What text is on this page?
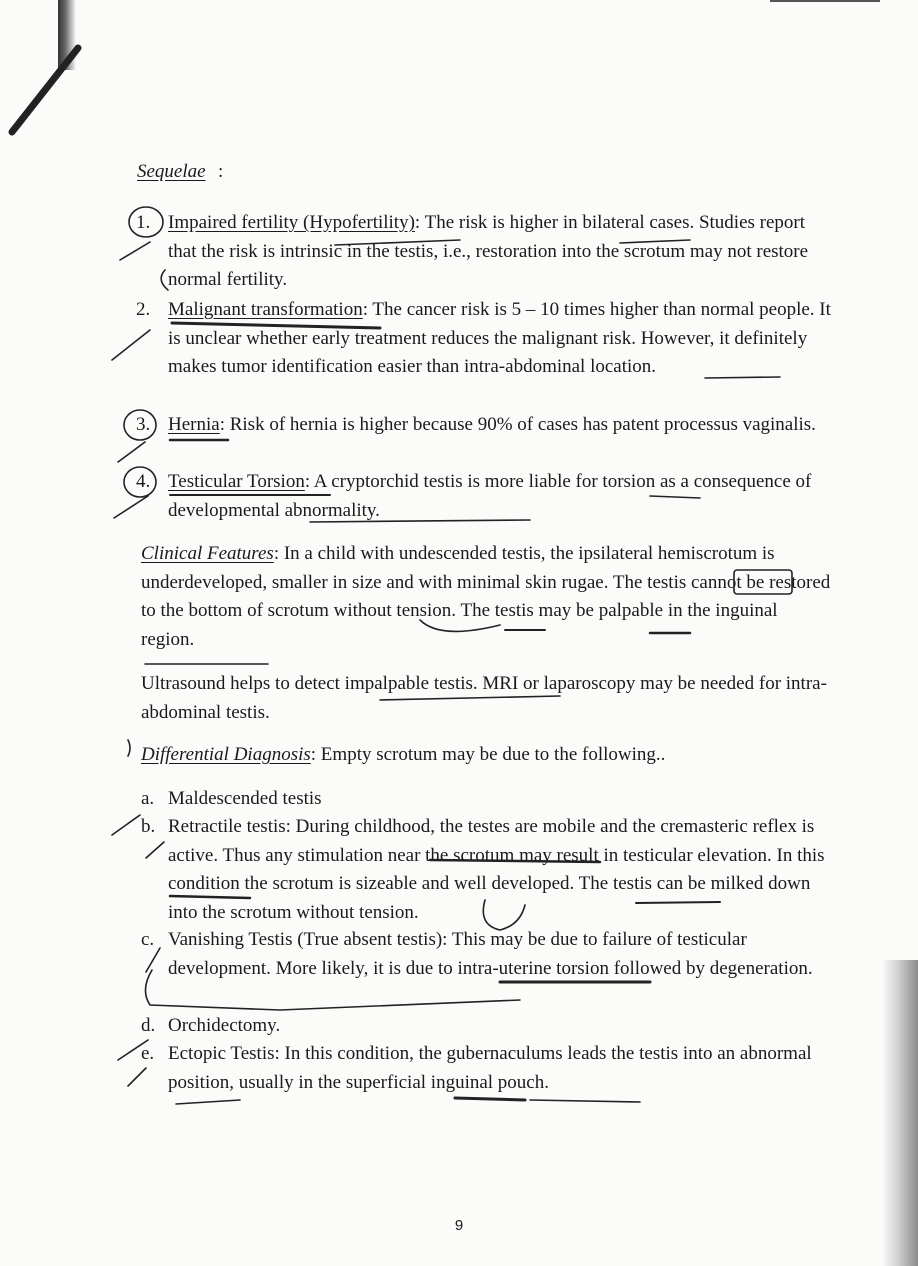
Sequelae :
1. Impaired fertility (Hypofertility): The risk is higher in bilateral cases. Studies report that the risk is intrinsic in the testis, i.e., restoration into the scrotum may not restore normal fertility.
2. Malignant transformation: The cancer risk is 5 – 10 times higher than normal people. It is unclear whether early treatment reduces the malignant risk. However, it definitely makes tumor identification easier than intra-abdominal location.
3. Hernia: Risk of hernia is higher because 90% of cases has patent processus vaginalis.
4. Testicular Torsion: A cryptorchid testis is more liable for torsion as a consequence of developmental abnormality.
Clinical Features: In a child with undescended testis, the ipsilateral hemiscrotum is underdeveloped, smaller in size and with minimal skin rugae. The testis cannot be restored to the bottom of scrotum without tension. The testis may be palpable in the inguinal region.
Ultrasound helps to detect impalpable testis. MRI or laparoscopy may be needed for intra-abdominal testis.
Differential Diagnosis: Empty scrotum may be due to the following..
a. Maldescended testis
b. Retractile testis: During childhood, the testes are mobile and the cremasteric reflex is active. Thus any stimulation near the scrotum may result in testicular elevation. In this condition the scrotum is sizeable and well developed. The testis can be milked down into the scrotum without tension.
c. Vanishing Testis (True absent testis): This may be due to failure of testicular development. More likely, it is due to intra-uterine torsion followed by degeneration.
d. Orchidectomy.
e. Ectopic Testis: In this condition, the gubernaculums leads the testis into an abnormal position, usually in the superficial inguinal pouch.
9
